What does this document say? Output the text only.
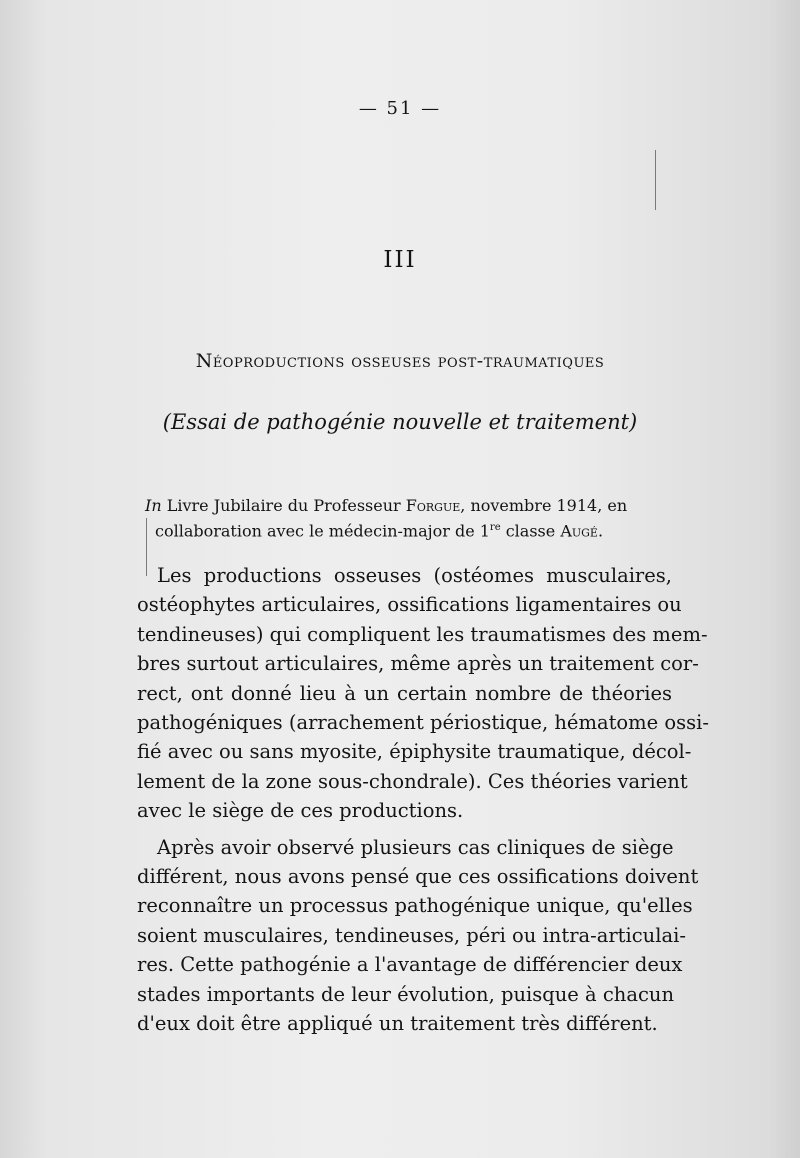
— 51 —
III
Néoproductions osseuses post-traumatiques
(Essai de pathogénie nouvelle et traitement)
In Livre Jubilaire du Professeur Forgue, novembre 1914, en
collaboration avec le médecin-major de 1re classe Augé.
Les productions osseuses (ostéomes musculaires,
ostéophytes articulaires, ossifications ligamentaires ou
tendineuses) qui compliquent les traumatismes des mem-
bres surtout articulaires, même après un traitement cor-
rect, ont donné lieu à un certain nombre de théories
pathogéniques (arrachement périostique, hématome ossi-
fié avec ou sans myosite, épiphysite traumatique, décol-
lement de la zone sous-chondrale). Ces théories varient
avec le siège de ces productions.
Après avoir observé plusieurs cas cliniques de siège
différent, nous avons pensé que ces ossifications doivent
reconnaître un processus pathogénique unique, qu'elles
soient musculaires, tendineuses, péri ou intra-articulai-
res. Cette pathogénie a l'avantage de différencier deux
stades importants de leur évolution, puisque à chacun
d'eux doit être appliqué un traitement très différent.
